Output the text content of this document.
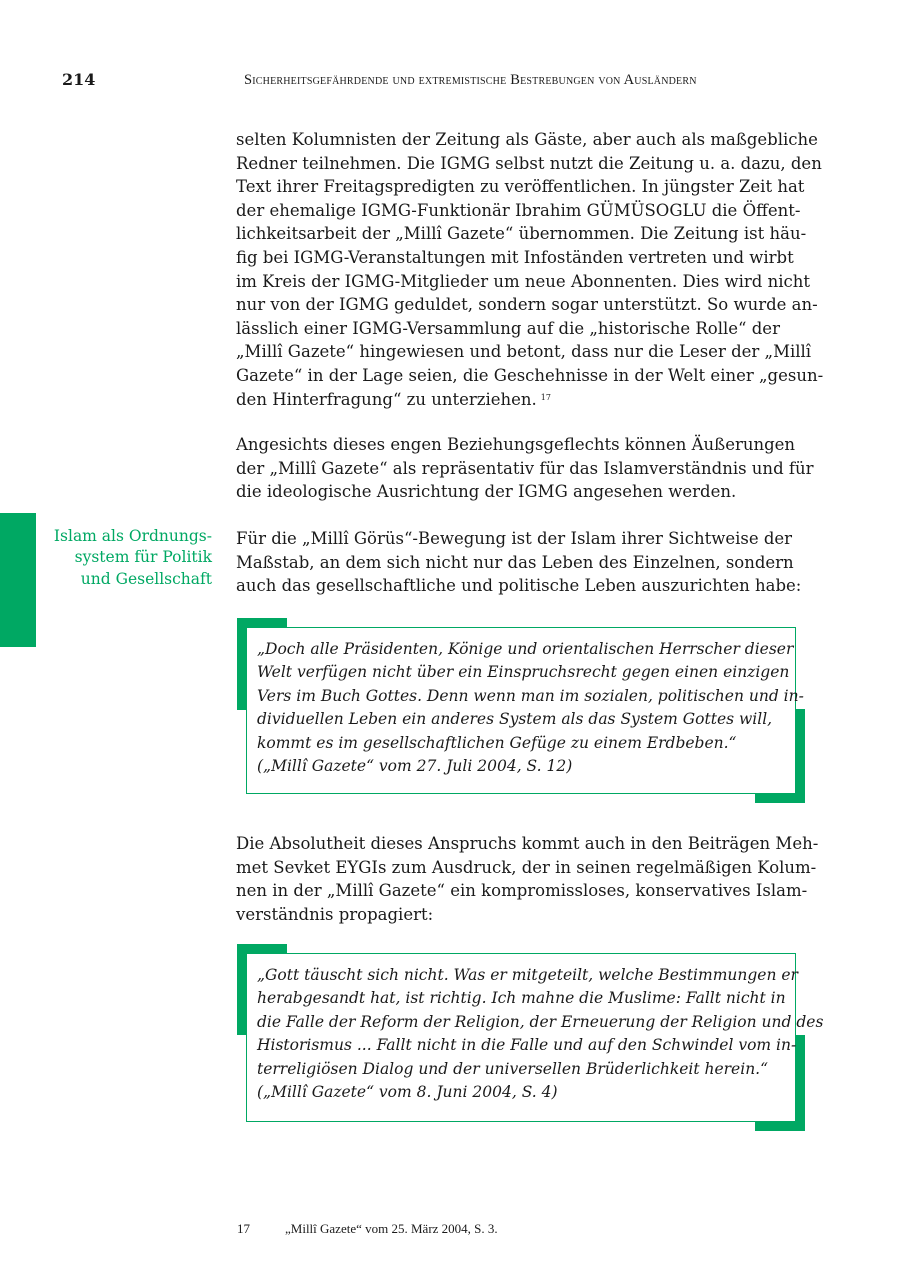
214	Sicherheitsgefährdende und extremistische Bestrebungen von Ausländern

selten Kolumnisten der Zeitung als Gäste, aber auch als maßgebliche
Redner teilnehmen. Die IGMG selbst nutzt die Zeitung u. a. dazu, den
Text ihrer Freitagspredigten zu veröffentlichen. In jüngster Zeit hat
der ehemalige IGMG-Funktionär Ibrahim GÜMÜSOGLU die Öffent-
lichkeitsarbeit der „Millî Gazete“ übernommen. Die Zeitung ist häu-
fig bei IGMG-Veranstaltungen mit Infoständen vertreten und wirbt
im Kreis der IGMG-Mitglieder um neue Abonnenten. Dies wird nicht
nur von der IGMG geduldet, sondern sogar unterstützt. So wurde an-
lässlich einer IGMG-Versammlung auf die „historische Rolle“ der
„Millî Gazete“ hingewiesen und betont, dass nur die Leser der „Millî
Gazete“ in der Lage seien, die Geschehnisse in der Welt einer „gesun-
den Hinterfragung“ zu unterziehen. $^{17}$

Angesichts dieses engen Beziehungsgeflechts können Äußerungen
der „Millî Gazete“ als repräsentativ für das Islamverständnis und für
die ideologische Ausrichtung der IGMG angesehen werden.

Islam als Ordnungs-
system für Politik
und Gesellschaft

Für die „Millî Görüs“-Bewegung ist der Islam ihrer Sichtweise der
Maßstab, an dem sich nicht nur das Leben des Einzelnen, sondern
auch das gesellschaftliche und politische Leben auszurichten habe:

„Doch alle Präsidenten, Könige und orientalischen Herrscher dieser
Welt verfügen nicht über ein Einspruchsrecht gegen einen einzigen
Vers im Buch Gottes. Denn wenn man im sozialen, politischen und in-
dividuellen Leben ein anderes System als das System Gottes will,
kommt es im gesellschaftlichen Gefüge zu einem Erdbeben.“
(„Millî Gazete“ vom 27. Juli 2004, S. 12)

Die Absolutheit dieses Anspruchs kommt auch in den Beiträgen Meh-
met Sevket EYGIs zum Ausdruck, der in seinen regelmäßigen Kolum-
nen in der „Millî Gazete“ ein kompromissloses, konservatives Islam-
verständnis propagiert:

„Gott täuscht sich nicht. Was er mitgeteilt, welche Bestimmungen er
herabgesandt hat, ist richtig. Ich mahne die Muslime: Fallt nicht in
die Falle der Reform der Religion, der Erneuerung der Religion und des
Historismus ... Fallt nicht in die Falle und auf den Schwindel vom in-
terreligiösen Dialog und der universellen Brüderlichkeit herein.“
(„Millî Gazete“ vom 8. Juni 2004, S. 4)
17	„Millî Gazete“ vom 25. März 2004, S. 3.
